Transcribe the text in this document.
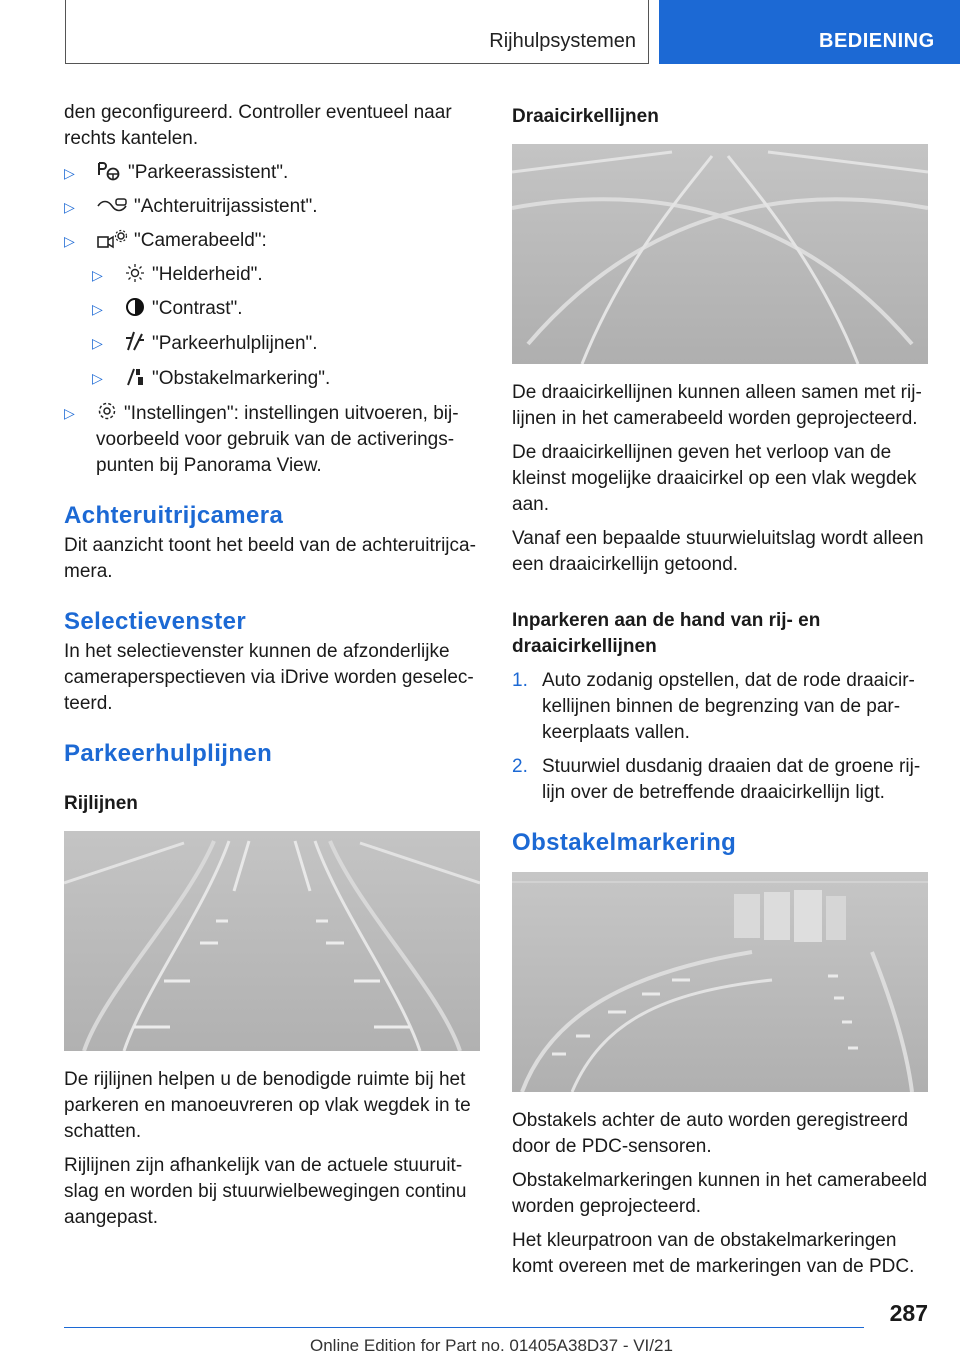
Rijhulpsystemen	BEDIENING

den geconfigureerd. Controller eventueel naar rechts kantelen.

▷	"Parkeerassistent".
▷	"Achteruitrijassistent".
▷	"Camerabeeld":
▷	"Helderheid".
▷	"Contrast".
▷	"Parkeerhulplijnen".
▷	"Obstakelmarkering".
▷	"Instellingen": instellingen uitvoeren, bijvoorbeeld voor gebruik van de activeringspunten bij Panorama View.
Achteruitrijcamera

Dit aanzicht toont het beeld van de achteruitrijcamera.

Selectievenster

In het selectievenster kunnen de afzonderlijke cameraperspectieven via iDrive worden geselecteerd.

Parkeerhulplijnen
Rijlijnen

De rijlijnen helpen u de benodigde ruimte bij het parkeren en manoeuvreren op vlak wegdek in te schatten.

Rijlijnen zijn afhankelijk van de actuele stuuruitslag en worden bij stuurwielbewegingen continu aangepast.

Draaicirkellijnen

De draaicirkellijnen kunnen alleen samen met rijlijnen in het camerabeeld worden geprojecteerd.

De draaicirkellijnen geven het verloop van de kleinst mogelijke draaicirkel op een vlak wegdek aan.

Vanaf een bepaalde stuurwieluitslag wordt alleen een draaicirkellijn getoond.

Inparkeren aan de hand van rij- en draaicirkellijnen
1. Auto zodanig opstellen, dat de rode draaicirkellijnen binnen de begrenzing van de parkeerplaats vallen.
2. Stuurwiel dusdanig draaien dat de groene rijlijn over de betreffende draaicirkellijn ligt.
Obstakelmarkering

Obstakels achter de auto worden geregistreerd door de PDC-sensoren.

Obstakelmarkeringen kunnen in het camerabeeld worden geprojecteerd.

Het kleurpatroon van de obstakelmarkeringen komt overeen met de markeringen van de PDC.

287
Online Edition for Part no. 01405A38D37 - VI/21
